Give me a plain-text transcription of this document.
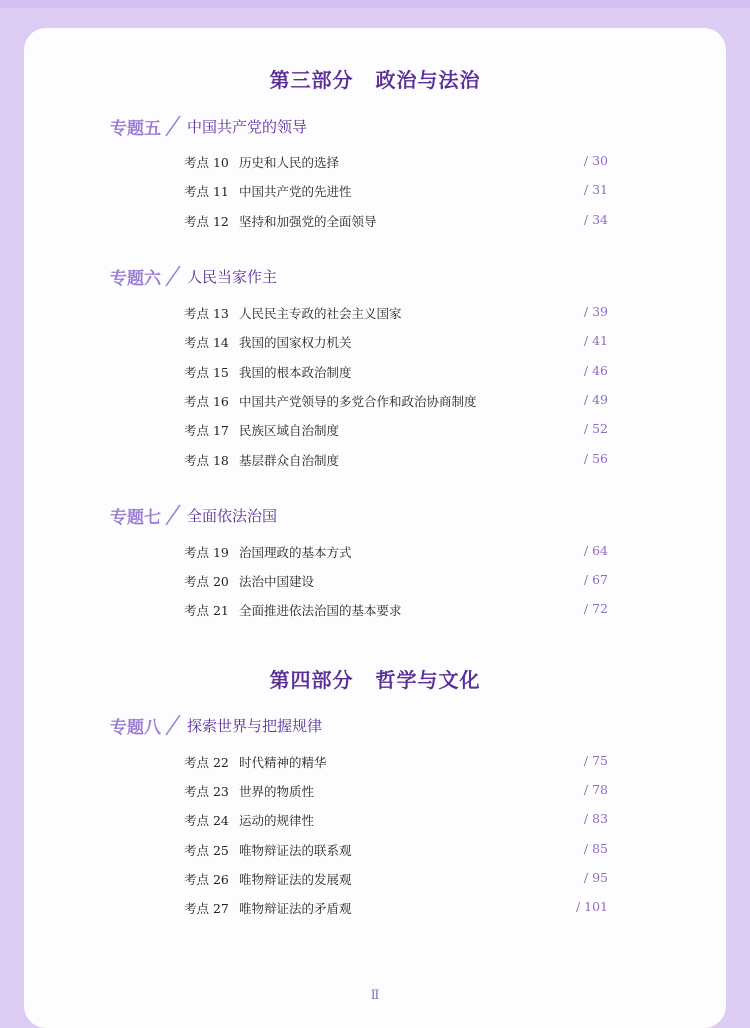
第三部分 政治与法治
专题五 中国共产党的领导
考点 10 历史和人民的选择	/ 30
考点 11 中国共产党的先进性	/ 31
考点 12 坚持和加强党的全面领导	/ 34
专题六 人民当家作主
考点 13 人民民主专政的社会主义国家	/ 39
考点 14 我国的国家权力机关	/ 41
考点 15 我国的根本政治制度	/ 46
考点 16 中国共产党领导的多党合作和政治协商制度	/ 49
考点 17 民族区域自治制度	/ 52
考点 18 基层群众自治制度	/ 56
专题七 全面依法治国
考点 19 治国理政的基本方式	/ 64
考点 20 法治中国建设	/ 67
考点 21 全面推进依法治国的基本要求	/ 72
第四部分 哲学与文化
专题八 探索世界与把握规律
考点 22 时代精神的精华	/ 75
考点 23 世界的物质性	/ 78
考点 24 运动的规律性	/ 83
考点 25 唯物辩证法的联系观	/ 85
考点 26 唯物辩证法的发展观	/ 95
考点 27 唯物辩证法的矛盾观	/ 101
Ⅱ
